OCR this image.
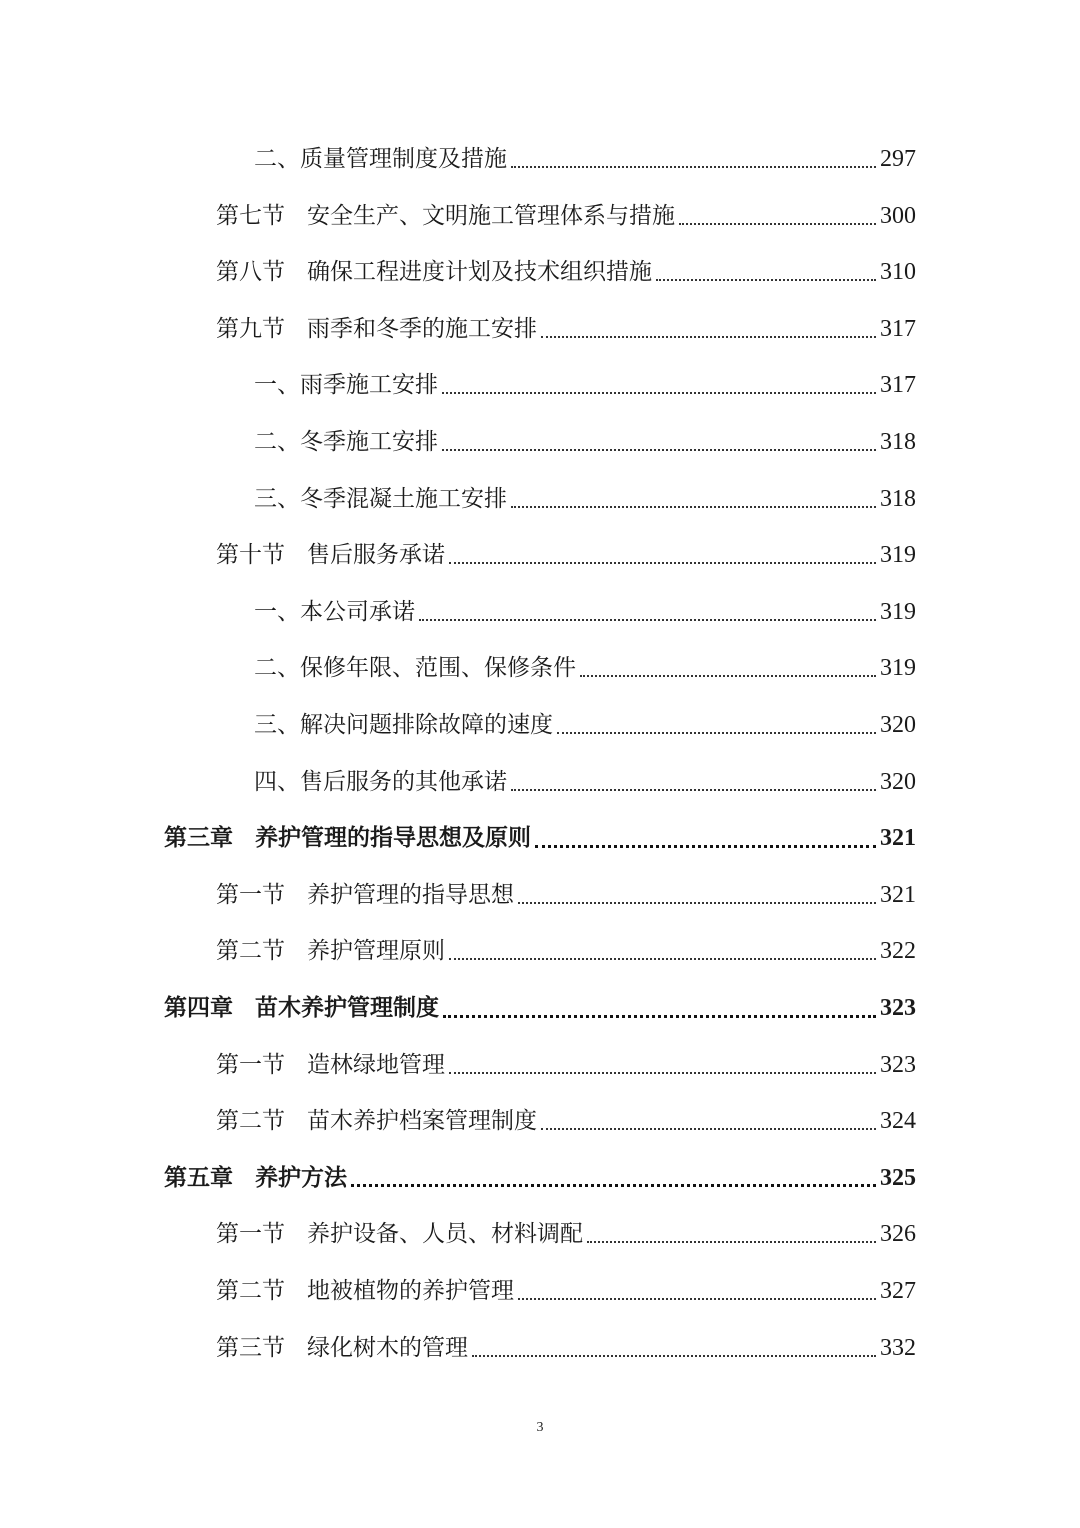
二、 质量管理制度及措施	297
第七节 安全生产、文明施工管理体系与措施	300
第八节 确保工程进度计划及技术组织措施	310
第九节 雨季和冬季的施工安排	317
一、 雨季施工安排	317
二、 冬季施工安排	318
三、 冬季混凝土施工安排	318
第十节 售后服务承诺	319
一、 本公司承诺	319
二、 保修年限、范围、保修条件	319
三、 解决问题排除故障的速度	320
四、 售后服务的其他承诺	320
第三章 养护管理的指导思想及原则	321
第一节 养护管理的指导思想	321
第二节 养护管理原则	322
第四章 苗木养护管理制度	323
第一节 造林绿地管理	323
第二节 苗木养护档案管理制度	324
第五章 养护方法	325
第一节 养护设备、人员、材料调配	326
第二节 地被植物的养护管理	327
第三节 绿化树木的管理	332
3
